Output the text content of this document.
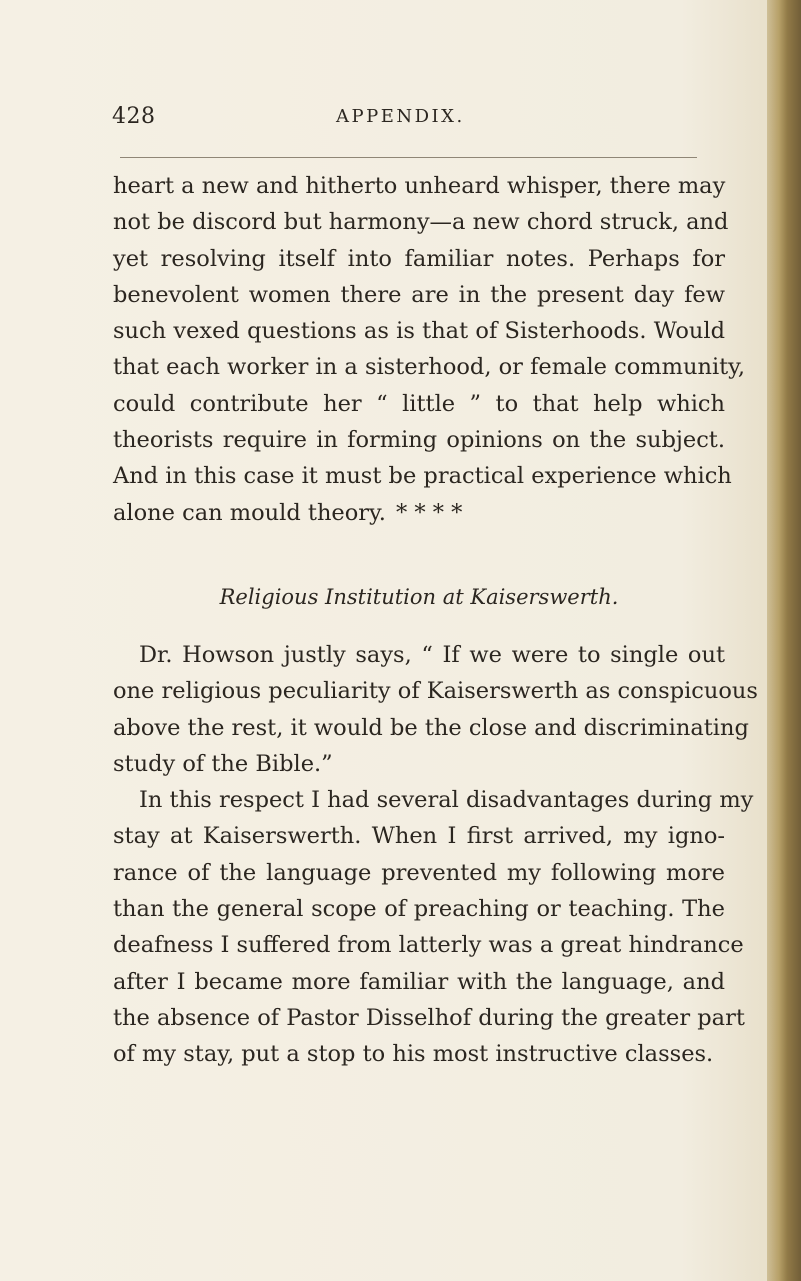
428	APPENDIX.
heart a new and hitherto unheard whisper, there may
not be discord but harmony—a new chord struck, and
yet resolving itself into familiar notes. Perhaps for
benevolent women there are in the present day few
such vexed questions as is that of Sisterhoods. Would
that each worker in a sisterhood, or female community,
could contribute her “ little ” to that help which
theorists require in forming opinions on the subject.
And in this case it must be practical experience which
alone can mould theory. * * * *
Religious Institution at Kaiserswerth.
Dr. Howson justly says, “ If we were to single out
one religious peculiarity of Kaiserswerth as conspicuous
above the rest, it would be the close and discriminating
study of the Bible.”
In this respect I had several disadvantages during my
stay at Kaiserswerth. When I first arrived, my igno-
rance of the language prevented my following more
than the general scope of preaching or teaching. The
deafness I suffered from latterly was a great hindrance
after I became more familiar with the language, and
the absence of Pastor Disselhof during the greater part
of my stay, put a stop to his most instructive classes.
